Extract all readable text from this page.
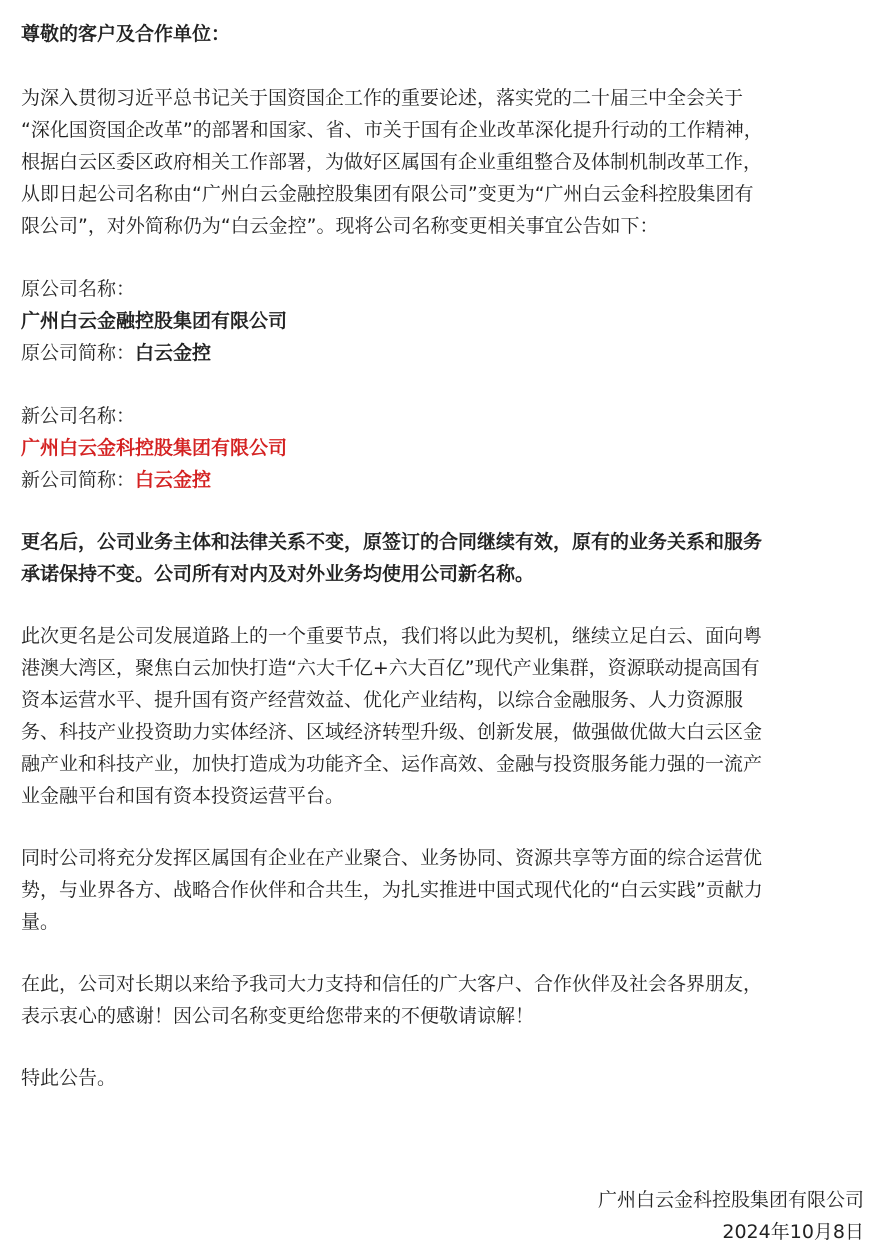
尊敬的客户及合作单位：
为深入贯彻习近平总书记关于国资国企工作的重要论述，落实党的二十届三中全会关于
“深化国资国企改革”的部署和国家、省、市关于国有企业改革深化提升行动的工作精神，
根据白云区委区政府相关工作部署，为做好区属国有企业重组整合及体制机制改革工作，
从即日起公司名称由“广州白云金融控股集团有限公司”变更为“广州白云金科控股集团有
限公司”，对外简称仍为“白云金控”。现将公司名称变更相关事宜公告如下：
原公司名称：
广州白云金融控股集团有限公司
原公司简称：白云金控
新公司名称：
广州白云金科控股集团有限公司
新公司简称：白云金控
更名后，公司业务主体和法律关系不变，原签订的合同继续有效，原有的业务关系和服务
承诺保持不变。公司所有对内及对外业务均使用公司新名称。
此次更名是公司发展道路上的一个重要节点，我们将以此为契机，继续立足白云、面向粤
港澳大湾区，聚焦白云加快打造“六大千亿+六大百亿”现代产业集群，资源联动提高国有
资本运营水平、提升国有资产经营效益、优化产业结构，以综合金融服务、人力资源服
务、科技产业投资助力实体经济、区域经济转型升级、创新发展，做强做优做大白云区金
融产业和科技产业，加快打造成为功能齐全、运作高效、金融与投资服务能力强的一流产
业金融平台和国有资本投资运营平台。
同时公司将充分发挥区属国有企业在产业聚合、业务协同、资源共享等方面的综合运营优
势，与业界各方、战略合作伙伴和合共生，为扎实推进中国式现代化的“白云实践”贡献力
量。
在此，公司对长期以来给予我司大力支持和信任的广大客户、合作伙伴及社会各界朋友，
表示衷心的感谢！因公司名称变更给您带来的不便敬请谅解！
特此公告。
广州白云金科控股集团有限公司
2024年10月8日
